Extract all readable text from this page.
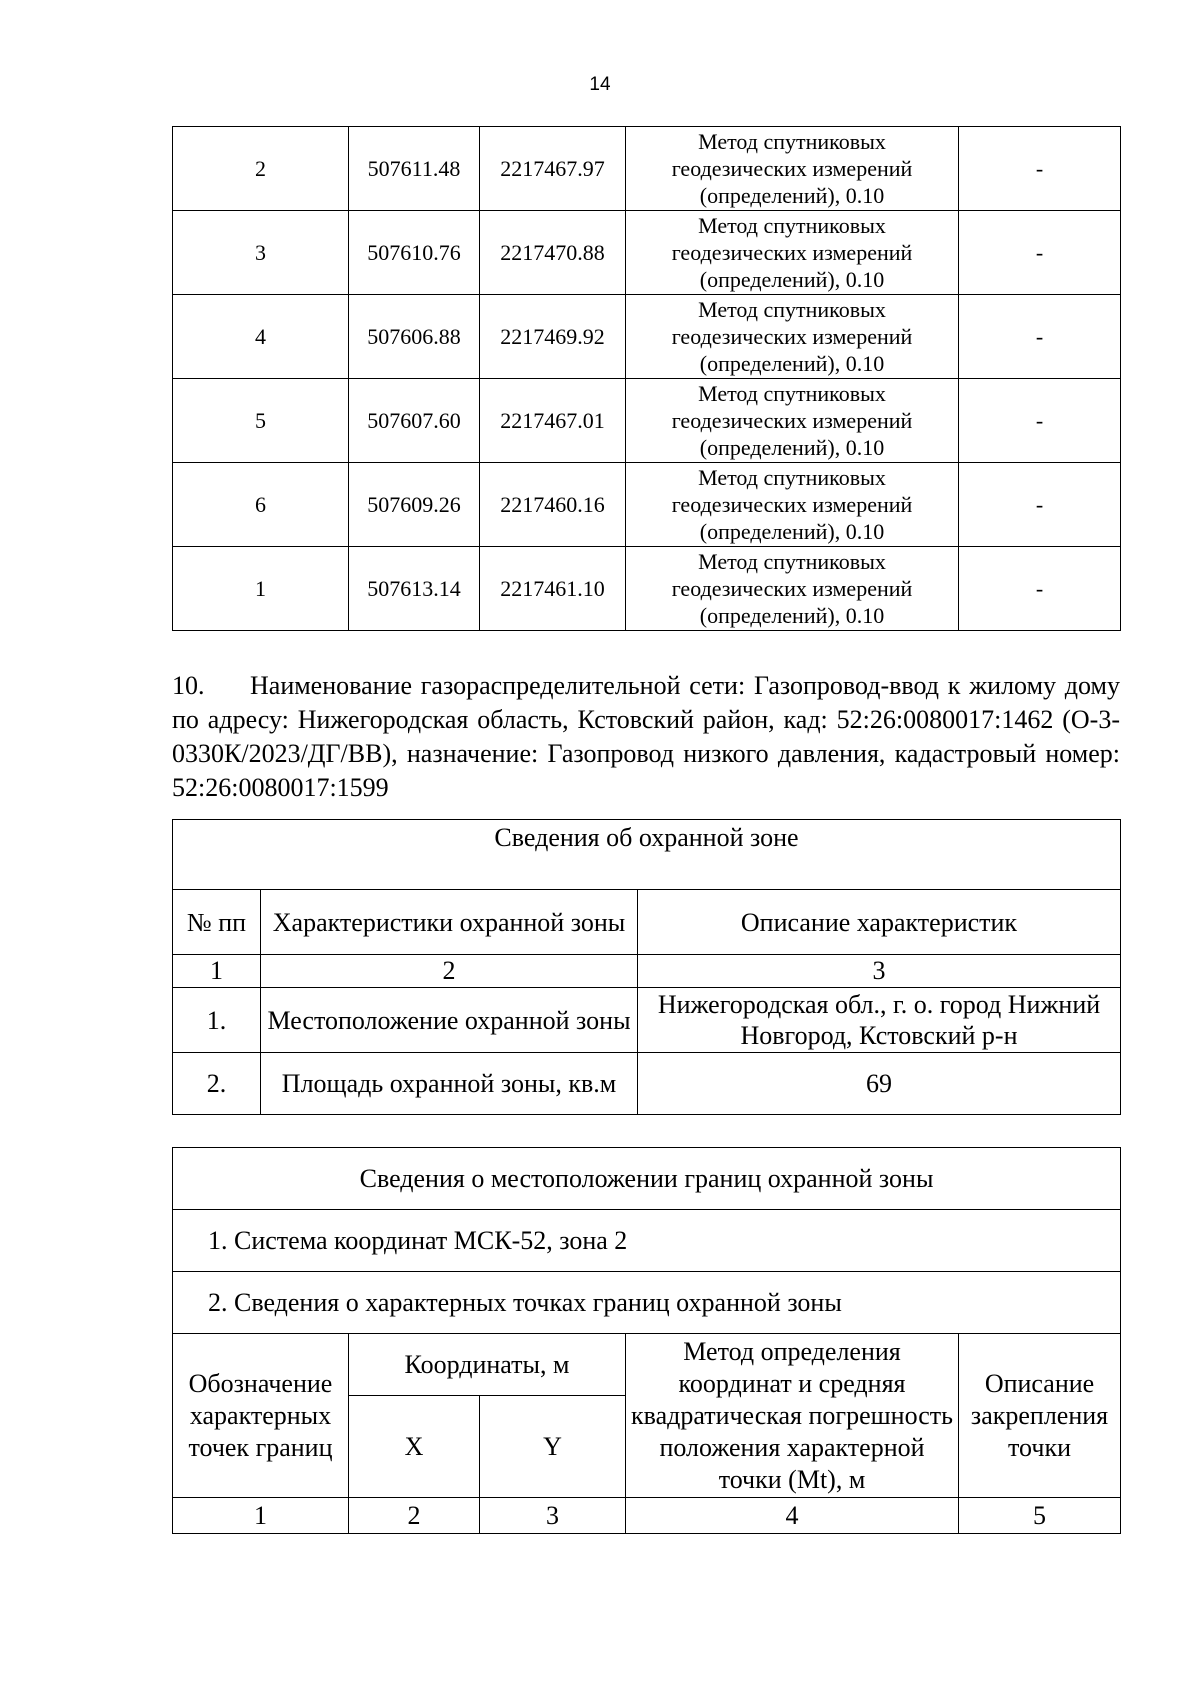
14
2	507611.48	2217467.97	Метод спутниковых
геодезических измерений
(определений), 0.10	-
3	507610.76	2217470.88	Метод спутниковых
геодезических измерений
(определений), 0.10	-
4	507606.88	2217469.92	Метод спутниковых
геодезических измерений
(определений), 0.10	-
5	507607.60	2217467.01	Метод спутниковых
геодезических измерений
(определений), 0.10	-
6	507609.26	2217460.16	Метод спутниковых
геодезических измерений
(определений), 0.10	-
1	507613.14	2217461.10	Метод спутниковых
геодезических измерений
(определений), 0.10	-

10. Наименование газораспределительной сети: Газопровод-ввод к жилому дому по адресу: Нижегородская область, Кстовский район, кад: 52:26:0080017:1462 (О-3-0330К/2023/ДГ/ВВ), назначение: Газопровод низкого давления, кадастровый номер: 52:26:0080017:1599

Сведения об охранной зоне		
№ пп	Характеристики охранной зоны	Описание характеристик
1	2	3
1.	Местоположение охранной зоны	Нижегородская обл., г. о. город Нижний Новгород, Кстовский р-н
2.	Площадь охранной зоны, кв.м	69
Сведения о местоположении границ охранной зоны				
1. Система координат МСК-52, зона 2				
2. Сведения о характерных точках границ охранной зоны				
Обозначение характерных точек границ	Координаты, м		Метод определения координат и средняя квадратическая погрешность положения характерной точки (Mt), м	Описание закрепления точки
	X	Y		
1	2	3	4	5
